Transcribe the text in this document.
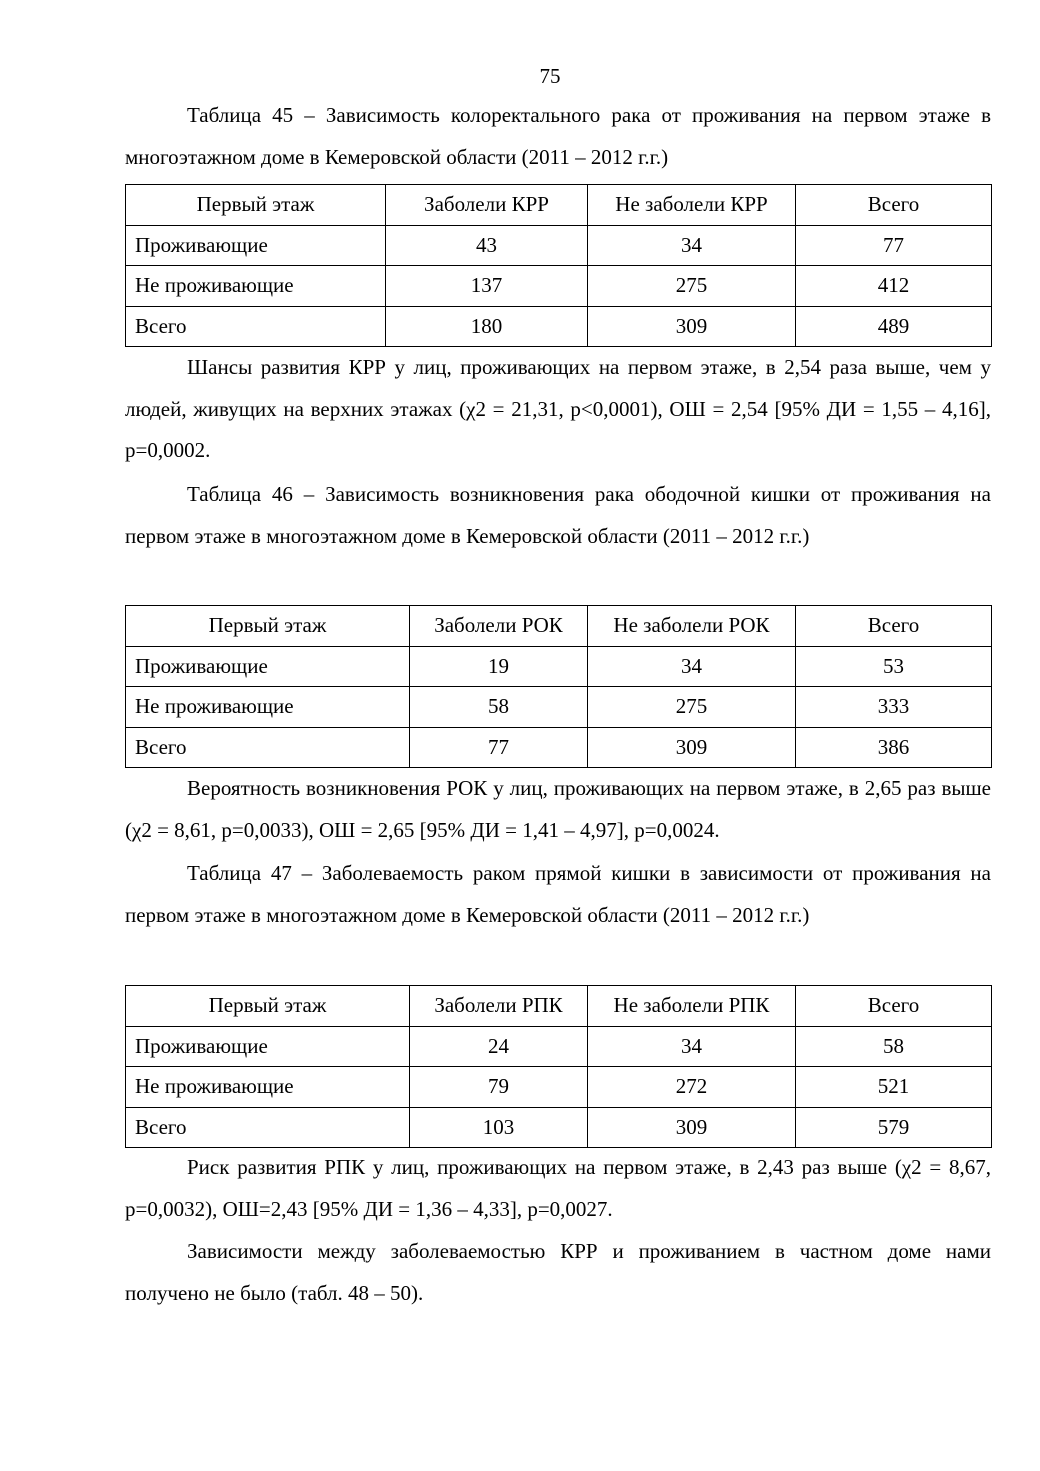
75

Таблица 45 – Зависимость колоректального рака от проживания на первом этаже в многоэтажном доме в Кемеровской области (2011 – 2012 г.г.)

Первый этаж	Заболели КРР	Не заболели КРР	Всего
Проживающие	43	34	77
Не проживающие	137	275	412
Всего	180	309	489

Шансы развития КРР у лиц, проживающих на первом этаже, в 2,54 раза выше, чем у людей, живущих на верхних этажах (χ2 = 21,31, p<0,0001), ОШ = 2,54 [95% ДИ = 1,55 – 4,16], p=0,0002.

Таблица 46 – Зависимость возникновения рака ободочной кишки от проживания на первом этаже в многоэтажном доме в Кемеровской области (2011 – 2012 г.г.)

Первый этаж	Заболели РОК	Не заболели РОК	Всего
Проживающие	19	34	53
Не проживающие	58	275	333
Всего	77	309	386

Вероятность возникновения РОК у лиц, проживающих на первом этаже, в 2,65 раз выше (χ2 = 8,61, p=0,0033), ОШ = 2,65 [95% ДИ = 1,41 – 4,97], p=0,0024.

Таблица 47 – Заболеваемость раком прямой кишки в зависимости от проживания на первом этаже в многоэтажном доме в Кемеровской области (2011 – 2012 г.г.)

Первый этаж	Заболели РПК	Не заболели РПК	Всего
Проживающие	24	34	58
Не проживающие	79	272	521
Всего	103	309	579

Риск развития РПК у лиц, проживающих на первом этаже, в 2,43 раз выше (χ2 = 8,67, p=0,0032), ОШ=2,43 [95% ДИ = 1,36 – 4,33], p=0,0027.

Зависимости между заболеваемостью КРР и проживанием в частном доме нами получено не было (табл. 48 – 50).
